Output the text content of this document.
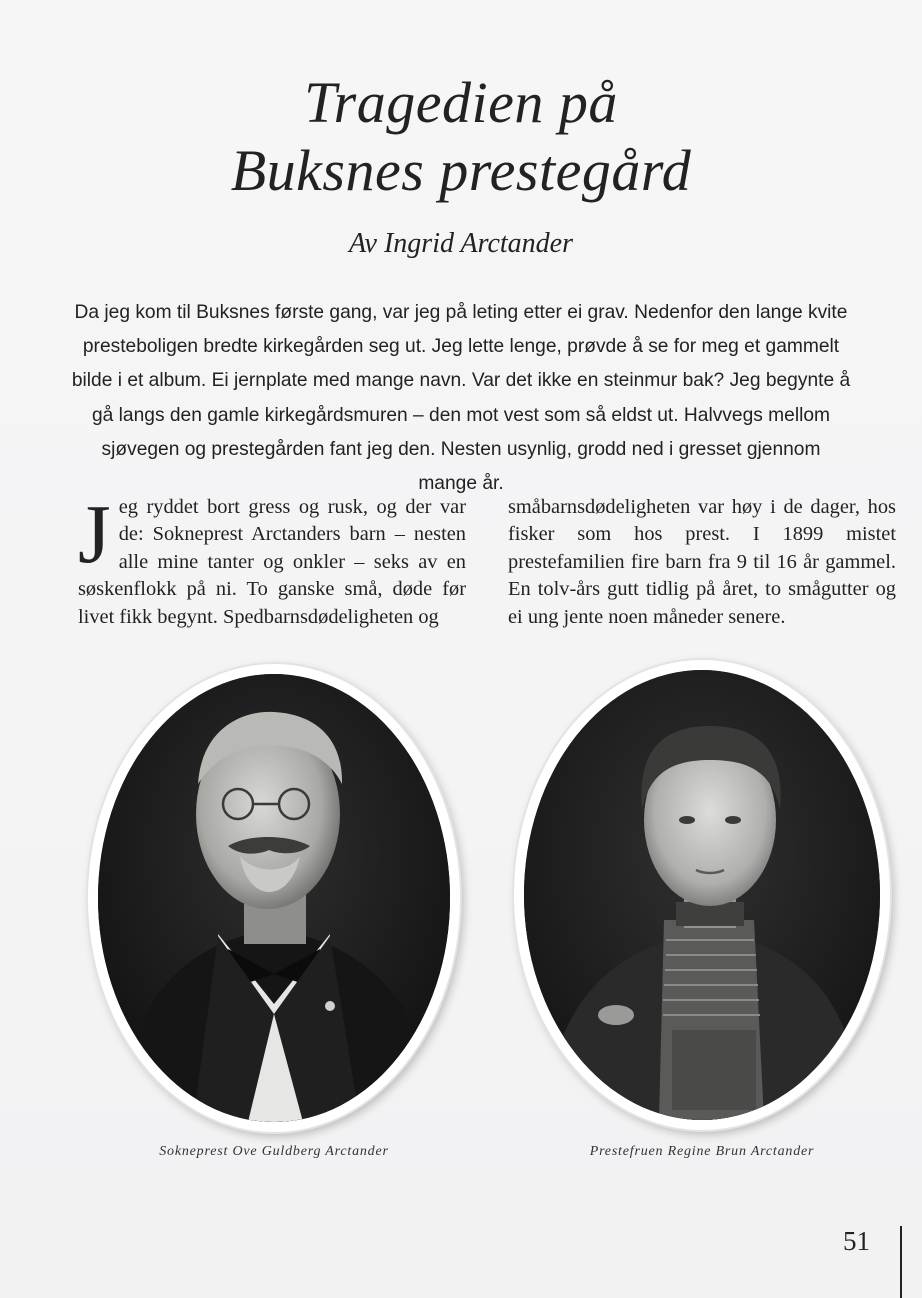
Tragedien på
Buksnes prestegård
Av Ingrid Arctander
Da jeg kom til Buksnes første gang, var jeg på leting etter ei grav. Nedenfor den lange kvite presteboligen bredte kirkegården seg ut. Jeg lette lenge, prøvde å se for meg et gammelt bilde i et album. Ei jernplate med mange navn. Var det ikke en steinmur bak? Jeg begynte å gå langs den gamle kirkegårdsmuren – den mot vest som så eldst ut. Halvvegs mellom sjøvegen og prestegården fant jeg den. Nesten usynlig, grodd ned i gresset gjennom mange år.
Jeg ryddet bort gress og rusk, og der var de: Sokneprest Arctanders barn – nesten alle mine tanter og onkler – seks av en søskenflokk på ni. To ganske små, døde før livet fikk begynt. Spedbarnsdødeligheten og
småbarnsdødeligheten var høy i de dager, hos fisker som hos prest. I 1899 mistet prestefamilien fire barn fra 9 til 16 år gammel. En tolv-års gutt tidlig på året, to smågutter og ei ung jente noen måneder senere.
Sokneprest Ove Guldberg Arctander	Prestefruen Regine Brun Arctander
51
